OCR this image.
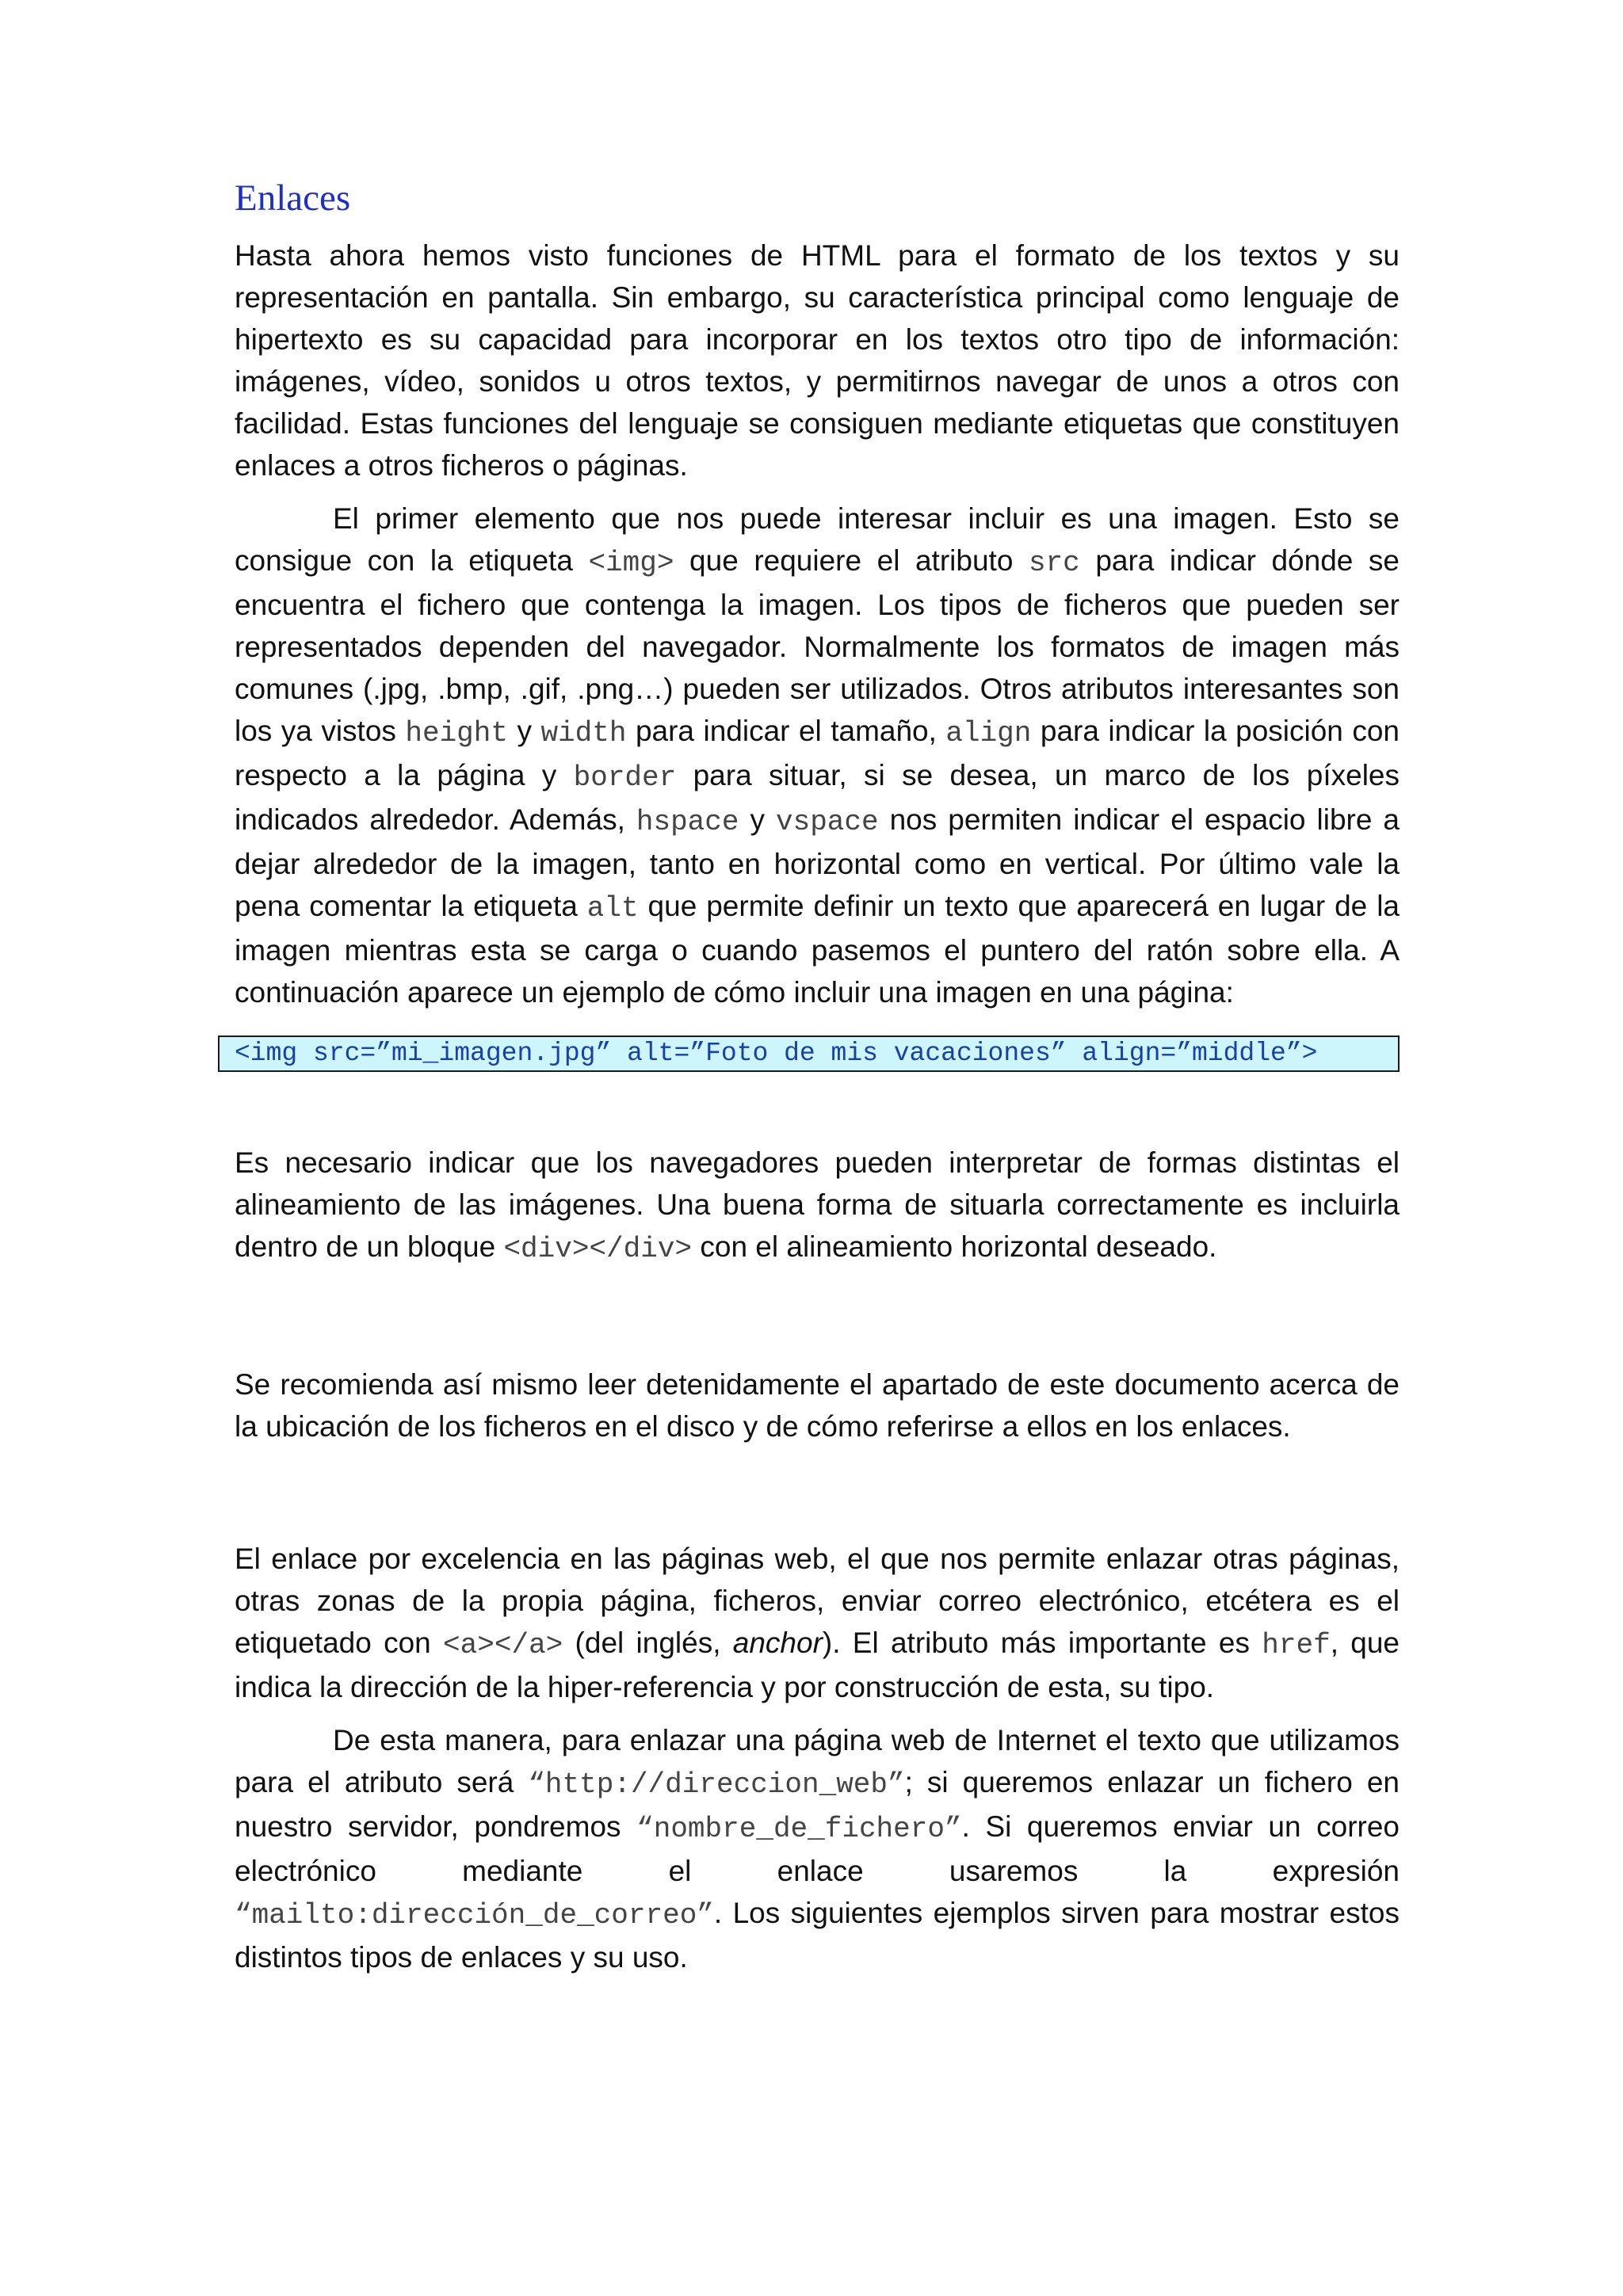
Enlaces

Hasta ahora hemos visto funciones de HTML para el formato de los textos y su representación en pantalla. Sin embargo, su característica principal como lenguaje de hipertexto es su capacidad para incorporar en los textos otro tipo de información: imágenes, vídeo, sonidos u otros textos, y permitirnos navegar de unos a otros con facilidad. Estas funciones del lenguaje se consiguen mediante etiquetas que constituyen enlaces a otros ficheros o páginas.

El primer elemento que nos puede interesar incluir es una imagen. Esto se consigue con la etiqueta <img> que requiere el atributo src para indicar dónde se encuentra el fichero que contenga la imagen. Los tipos de ficheros que pueden ser representados dependen del navegador. Normalmente los formatos de imagen más comunes (.jpg, .bmp, .gif, .png…) pueden ser utilizados. Otros atributos interesantes son los ya vistos height y width para indicar el tamaño, align para indicar la posición con respecto a la página y border para situar, si se desea, un marco de los píxeles indicados alrededor. Además, hspace y vspace nos permiten indicar el espacio libre a dejar alrededor de la imagen, tanto en horizontal como en vertical. Por último vale la pena comentar la etiqueta alt que permite definir un texto que aparecerá en lugar de la imagen mientras esta se carga o cuando pasemos el puntero del ratón sobre ella. A continuación aparece un ejemplo de cómo incluir una imagen en una página:

<img src=”mi_imagen.jpg” alt=”Foto de mis vacaciones” align=”middle”>

Es necesario indicar que los navegadores pueden interpretar de formas distintas el alineamiento de las imágenes. Una buena forma de situarla correctamente es incluirla dentro de un bloque <div></div> con el alineamiento horizontal deseado.

Se recomienda así mismo leer detenidamente el apartado de este documento acerca de la ubicación de los ficheros en el disco y de cómo referirse a ellos en los enlaces.

El enlace por excelencia en las páginas web, el que nos permite enlazar otras páginas, otras zonas de la propia página, ficheros, enviar correo electrónico, etcétera es el etiquetado con <a></a> (del inglés, anchor). El atributo más importante es href, que indica la dirección de la hiper-referencia y por construcción de esta, su tipo.

De esta manera, para enlazar una página web de Internet el texto que utilizamos para el atributo será “http://direccion_web”; si queremos enlazar un fichero en nuestro servidor, pondremos “nombre_de_fichero”. Si queremos enviar un correo electrónico mediante el enlace usaremos la expresión “mailto:dirección_de_correo”. Los siguientes ejemplos sirven para mostrar estos distintos tipos de enlaces y su uso.
